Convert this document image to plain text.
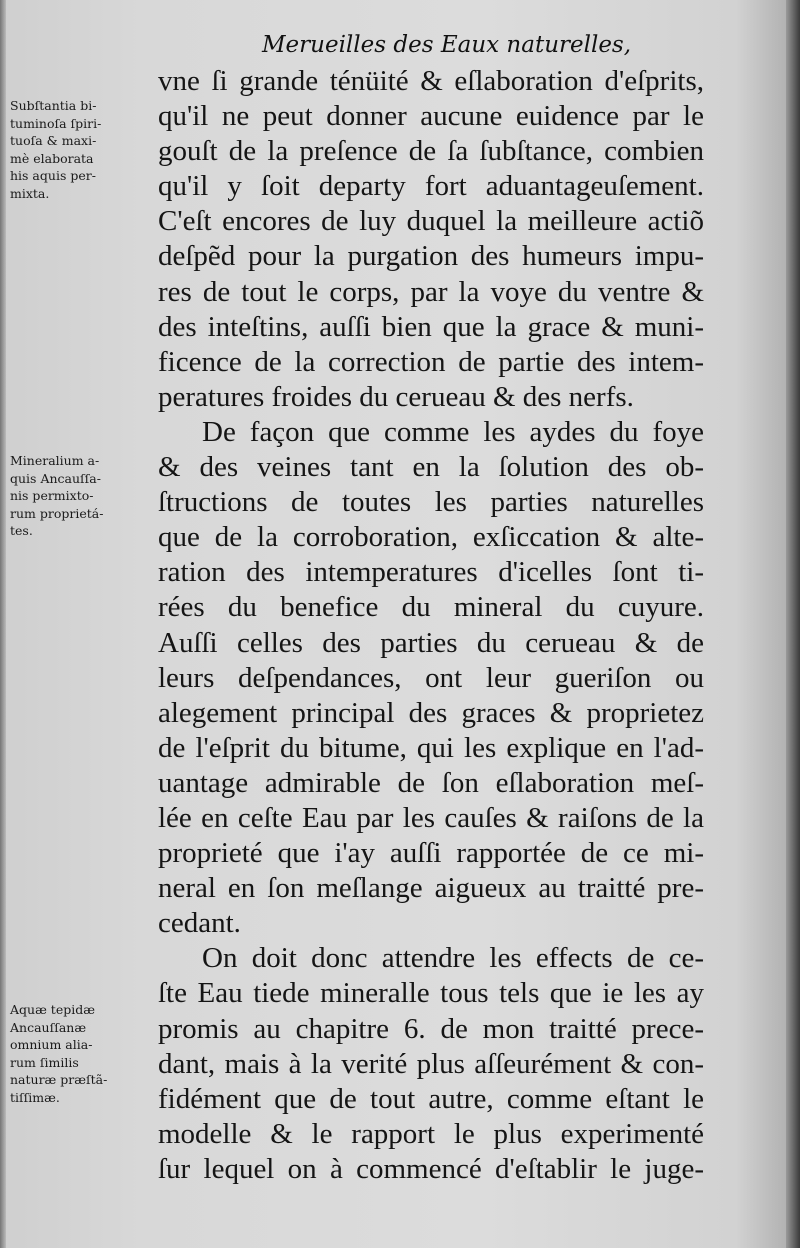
Merueilles des Eaux naturelles,
vne ſi grande ténüité & eſlaboration d'eſprits,
qu'il ne peut donner aucune euidence par le
gouſt de la preſence de ſa ſubſtance, combien
qu'il y ſoit departy fort aduantageuſement.
C'eſt encores de luy duquel la meilleure actiõ
deſpẽd pour la purgation des humeurs impu-
res de tout le corps, par la voye du ventre &
des inteſtins, auſſi bien que la grace & muni-
ficence de la correction de partie des intem-
peratures froides du cerueau & des nerfs.
De façon que comme les aydes du foye
& des veines tant en la ſolution des ob-
ſtructions de toutes les parties naturelles
que de la corroboration, exſiccation & alte-
ration des intemperatures d'icelles ſont ti-
rées du benefice du mineral du cuyure.
Auſſi celles des parties du cerueau & de
leurs deſpendances, ont leur gueriſon ou
alegement principal des graces & proprietez
de l'eſprit du bitume, qui les explique en l'ad-
uantage admirable de ſon eſlaboration meſ-
lée en ceſte Eau par les cauſes & raiſons de la
proprieté que i'ay auſſi rapportée de ce mi-
neral en ſon meſlange aigueux au traitté pre-
cedant.
On doit donc attendre les effects de ce-
ſte Eau tiede mineralle tous tels que ie les ay
promis au chapitre 6. de mon traitté prece-
dant, mais à la verité plus aſſeurément & con-
fidément que de tout autre, comme eſtant le
modelle & le rapport le plus experimenté
ſur lequel on à commencé d'eſtablir le juge-
Subſtantia bi-
tuminoſa ſpiri-
tuoſa & maxi-
mè elaborata
his aquis per-
mixta.
Mineralium a-
quis Ancauſſa-
nis permixto-
rum proprietá-
tes.
Aquæ tepidæ
Ancauſſanæ
omnium alia-
rum ſimilis
naturæ præſtã-
tiſſimæ.
